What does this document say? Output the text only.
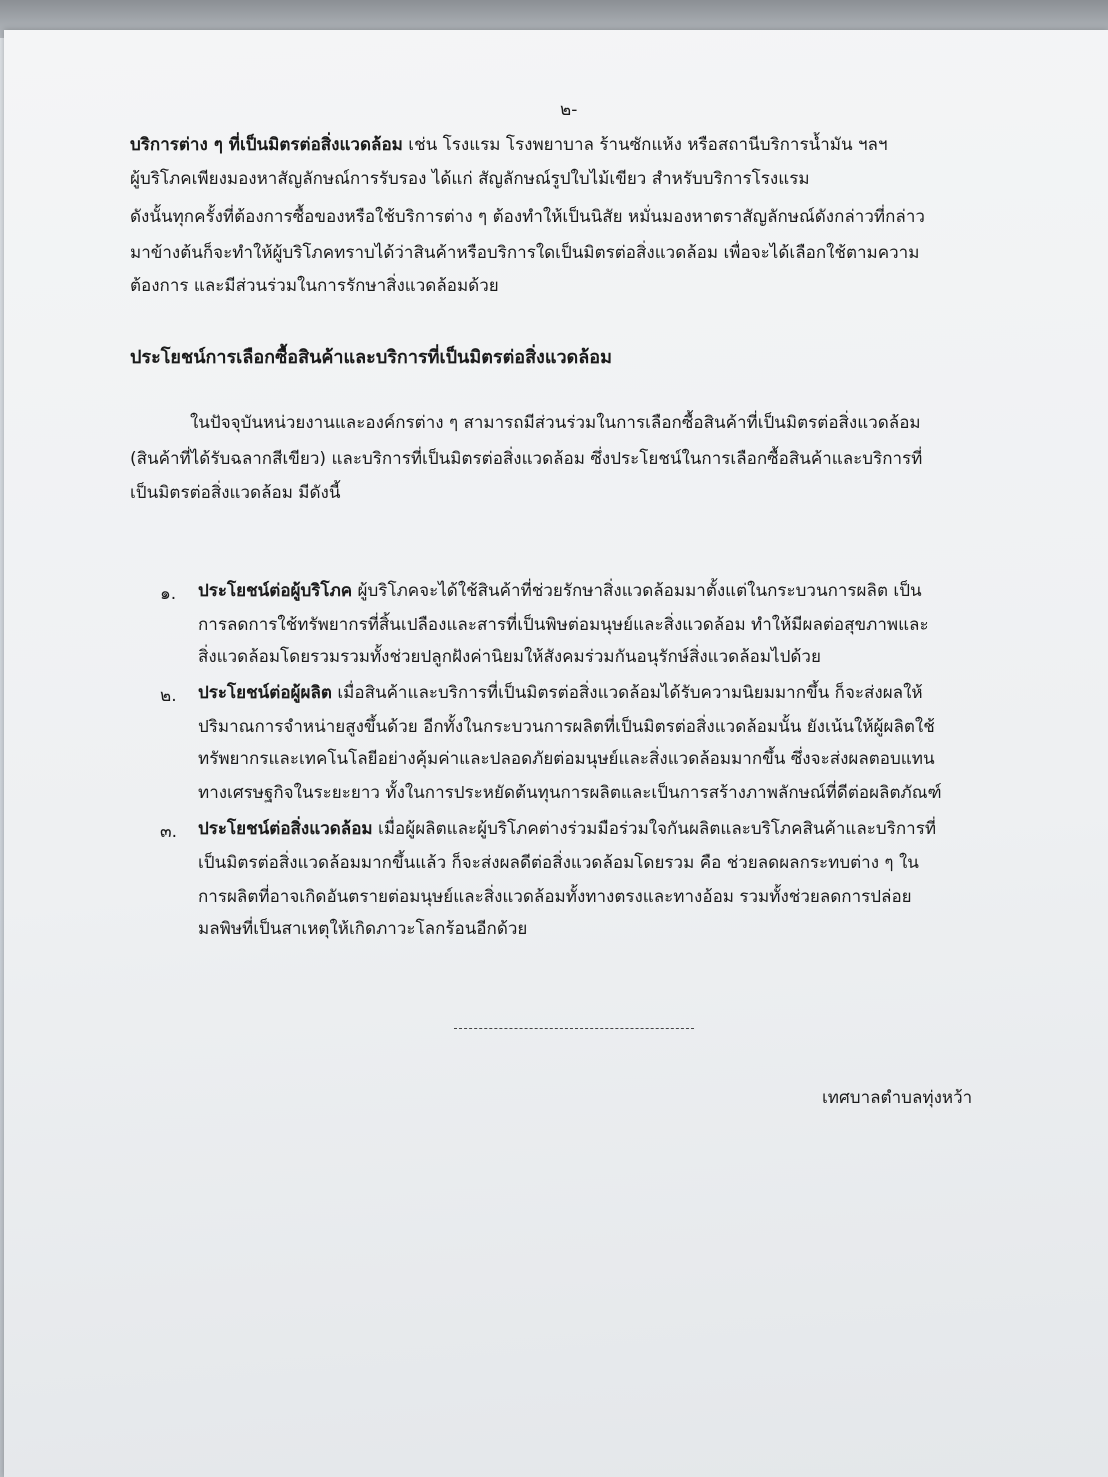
๒-
บริการต่าง ๆ ที่เป็นมิตรต่อสิ่งแวดล้อม เช่น โรงแรม โรงพยาบาล ร้านซักแห้ง หรือสถานีบริการน้ำมัน ฯลฯ
ผู้บริโภคเพียงมองหาสัญลักษณ์การรับรอง ได้แก่ สัญลักษณ์รูปใบไม้เขียว สำหรับบริการโรงแรม
ดังนั้นทุกครั้งที่ต้องการซื้อของหรือใช้บริการต่าง ๆ ต้องทำให้เป็นนิสัย หมั่นมองหาตราสัญลักษณ์ดังกล่าวที่กล่าว
มาข้างต้นก็จะทำให้ผู้บริโภคทราบได้ว่าสินค้าหรือบริการใดเป็นมิตรต่อสิ่งแวดล้อม เพื่อจะได้เลือกใช้ตามความ
ต้องการ และมีส่วนร่วมในการรักษาสิ่งแวดล้อมด้วย
ประโยชน์การเลือกซื้อสินค้าและบริการที่เป็นมิตรต่อสิ่งแวดล้อม
ในปัจจุบันหน่วยงานและองค์กรต่าง ๆ สามารถมีส่วนร่วมในการเลือกซื้อสินค้าที่เป็นมิตรต่อสิ่งแวดล้อม
(สินค้าที่ได้รับฉลากสีเขียว) และบริการที่เป็นมิตรต่อสิ่งแวดล้อม ซึ่งประโยชน์ในการเลือกซื้อสินค้าและบริการที่
เป็นมิตรต่อสิ่งแวดล้อม มีดังนี้
๑. ประโยชน์ต่อผู้บริโภค ผู้บริโภคจะได้ใช้สินค้าที่ช่วยรักษาสิ่งแวดล้อมมาตั้งแต่ในกระบวนการผลิต เป็น
การลดการใช้ทรัพยากรที่สิ้นเปลืองและสารที่เป็นพิษต่อมนุษย์และสิ่งแวดล้อม ทำให้มีผลต่อสุขภาพและ
สิ่งแวดล้อมโดยรวมรวมทั้งช่วยปลูกฝังค่านิยมให้สังคมร่วมกันอนุรักษ์สิ่งแวดล้อมไปด้วย
๒. ประโยชน์ต่อผู้ผลิต เมื่อสินค้าและบริการที่เป็นมิตรต่อสิ่งแวดล้อมได้รับความนิยมมากขึ้น ก็จะส่งผลให้
ปริมาณการจำหน่ายสูงขึ้นด้วย อีกทั้งในกระบวนการผลิตที่เป็นมิตรต่อสิ่งแวดล้อมนั้น ยังเน้นให้ผู้ผลิตใช้
ทรัพยากรและเทคโนโลยีอย่างคุ้มค่าและปลอดภัยต่อมนุษย์และสิ่งแวดล้อมมากขึ้น ซึ่งจะส่งผลตอบแทน
ทางเศรษฐกิจในระยะยาว ทั้งในการประหยัดต้นทุนการผลิตและเป็นการสร้างภาพลักษณ์ที่ดีต่อผลิตภัณฑ์
๓. ประโยชน์ต่อสิ่งแวดล้อม เมื่อผู้ผลิตและผู้บริโภคต่างร่วมมือร่วมใจกันผลิตและบริโภคสินค้าและบริการที่
เป็นมิตรต่อสิ่งแวดล้อมมากขึ้นแล้ว ก็จะส่งผลดีต่อสิ่งแวดล้อมโดยรวม คือ ช่วยลดผลกระทบต่าง ๆ ใน
การผลิตที่อาจเกิดอันตรายต่อมนุษย์และสิ่งแวดล้อมทั้งทางตรงและทางอ้อม รวมทั้งช่วยลดการปล่อย
มลพิษที่เป็นสาเหตุให้เกิดภาวะโลกร้อนอีกด้วย
เทศบาลตำบลทุ่งหว้า
